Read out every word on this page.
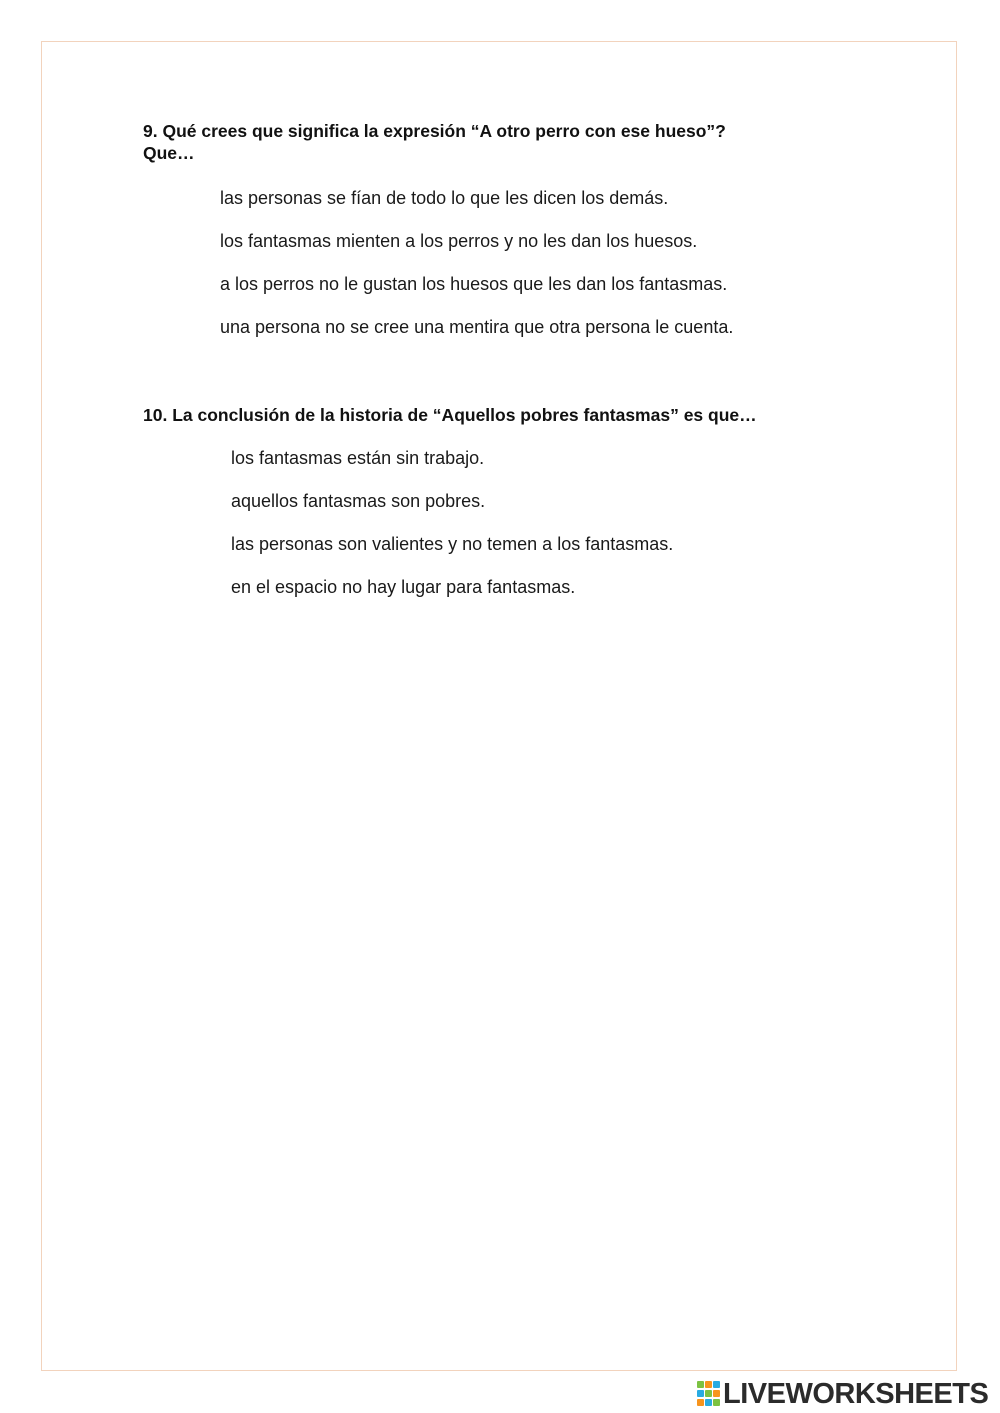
9. Qué crees que significa la expresión “A otro perro con ese hueso”?
Que…
las personas se fían de todo lo que les dicen los demás.
los fantasmas mienten a los perros y no les dan los huesos.
a los perros no le gustan los huesos que les dan los fantasmas.
una persona no se cree una mentira que otra persona le cuenta.
10. La conclusión de la historia de “Aquellos pobres fantasmas” es que…
los fantasmas están sin trabajo.
aquellos fantasmas son pobres.
las personas son valientes y no temen a los fantasmas.
en el espacio no hay lugar para fantasmas.
LIVEWORKSHEETS
